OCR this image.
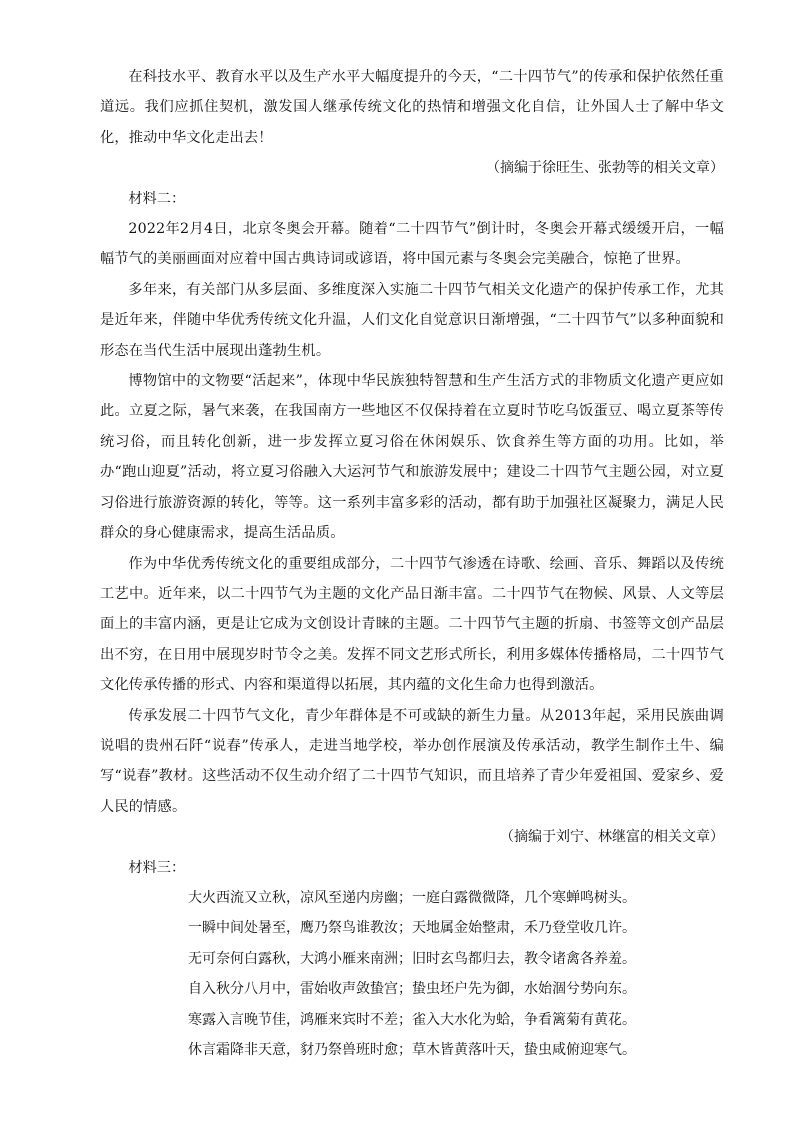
在科技水平、教育水平以及生产水平大幅度提升的今天，“二十四节气”的传承和保护依然任重道远。我们应抓住契机，激发国人继承传统文化的热情和增强文化自信，让外国人士了解中华文化，推动中华文化走出去！

（摘编于徐旺生、张勃等的相关文章）

材料二：

2022年2月4日，北京冬奥会开幕。随着“二十四节气”倒计时，冬奥会开幕式缓缓开启，一幅幅节气的美丽画面对应着中国古典诗词或谚语，将中国元素与冬奥会完美融合，惊艳了世界。

多年来，有关部门从多层面、多维度深入实施二十四节气相关文化遗产的保护传承工作，尤其是近年来，伴随中华优秀传统文化升温，人们文化自觉意识日渐增强，“二十四节气”以多种面貌和形态在当代生活中展现出蓬勃生机。

博物馆中的文物要“活起来”，体现中华民族独特智慧和生产生活方式的非物质文化遗产更应如此。立夏之际，暑气来袭，在我国南方一些地区不仅保持着在立夏时节吃乌饭蛋豆、喝立夏茶等传统习俗，而且转化创新，进一步发挥立夏习俗在休闲娱乐、饮食养生等方面的功用。比如，举办“跑山迎夏”活动，将立夏习俗融入大运河节气和旅游发展中；建设二十四节气主题公园，对立夏习俗进行旅游资源的转化，等等。这一系列丰富多彩的活动，都有助于加强社区凝聚力，满足人民群众的身心健康需求，提高生活品质。

作为中华优秀传统文化的重要组成部分，二十四节气渗透在诗歌、绘画、音乐、舞蹈以及传统工艺中。近年来，以二十四节气为主题的文化产品日渐丰富。二十四节气在物候、风景、人文等层面上的丰富内涵，更是让它成为文创设计青睐的主题。二十四节气主题的折扇、书签等文创产品层出不穷，在日用中展现岁时节令之美。发挥不同文艺形式所长，利用多媒体传播格局，二十四节气文化传承传播的形式、内容和渠道得以拓展，其内蕴的文化生命力也得到激活。

传承发展二十四节气文化，青少年群体是不可或缺的新生力量。从2013年起，采用民族曲调说唱的贵州石阡“说春”传承人，走进当地学校，举办创作展演及传承活动，教学生制作土牛、编写“说春”教材。这些活动不仅生动介绍了二十四节气知识，而且培养了青少年爱祖国、爱家乡、爱人民的情感。

（摘编于刘宁、林继富的相关文章）

材料三：

大火西流又立秋，凉风至递内房幽；一庭白露微微降，几个寒蝉鸣树头。

一瞬中间处暑至，鹰乃祭鸟谁教汝；天地属金始整肃，禾乃登堂收几许。

无可奈何白露秋，大鸿小雁来南洲；旧时玄鸟都归去，教令诸禽各养羞。

自入秋分八月中，雷始收声敛蛰宫；蛰虫坯户先为御，水始涸兮势向东。

寒露入言晚节佳，鸿雁来宾时不差；雀入大水化为蛤，争看篱菊有黄花。

休言霜降非天意，豺乃祭兽班时愈；草木皆黄落叶天，蛰虫咸俯迎寒气。
